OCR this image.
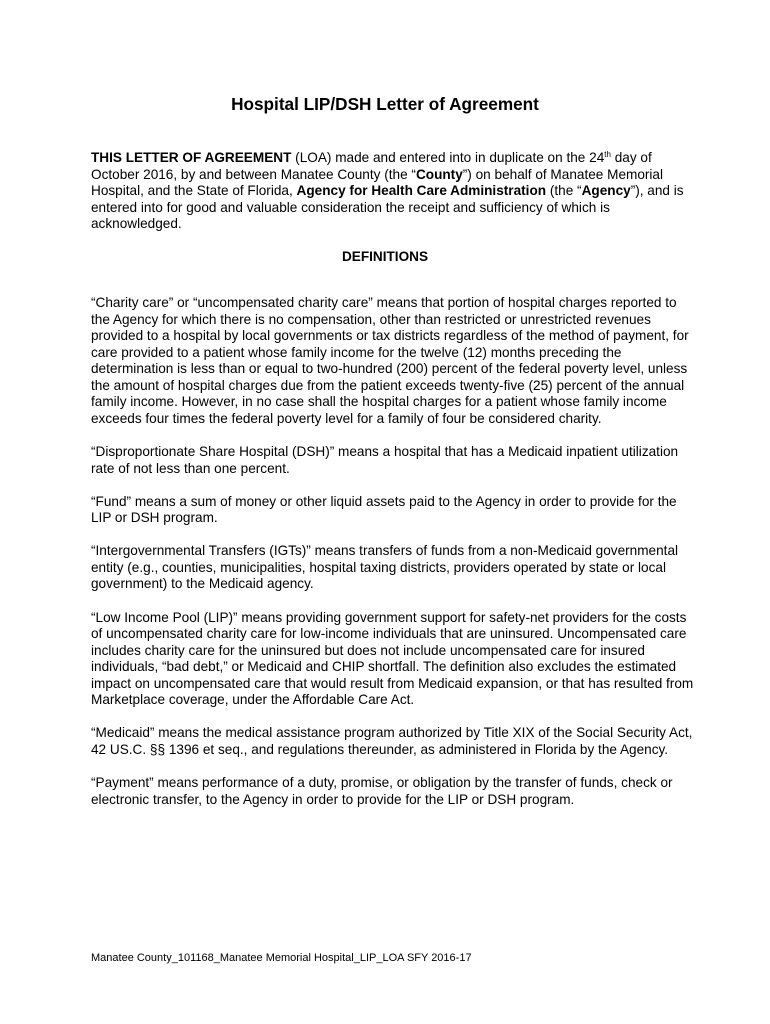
Hospital LIP/DSH Letter of Agreement

THIS LETTER OF AGREEMENT (LOA) made and entered into in duplicate on the 24th day of October 2016, by and between Manatee County (the “County”) on behalf of Manatee Memorial Hospital, and the State of Florida, Agency for Health Care Administration (the “Agency”), and is entered into for good and valuable consideration the receipt and sufficiency of which is acknowledged.

DEFINITIONS
“Charity care” or “uncompensated charity care” means that portion of hospital charges reported to the Agency for which there is no compensation, other than restricted or unrestricted revenues provided to a hospital by local governments or tax districts regardless of the method of payment, for care provided to a patient whose family income for the twelve (12) months preceding the determination is less than or equal to two-hundred (200) percent of the federal poverty level, unless the amount of hospital charges due from the patient exceeds twenty-five (25) percent of the annual family income. However, in no case shall the hospital charges for a patient whose family income exceeds four times the federal poverty level for a family of four be considered charity.
“Disproportionate Share Hospital (DSH)” means a hospital that has a Medicaid inpatient utilization rate of not less than one percent.
“Fund” means a sum of money or other liquid assets paid to the Agency in order to provide for the LIP or DSH program.
“Intergovernmental Transfers (IGTs)” means transfers of funds from a non-Medicaid governmental entity (e.g., counties, municipalities, hospital taxing districts, providers operated by state or local government) to the Medicaid agency.
“Low Income Pool (LIP)” means providing government support for safety-net providers for the costs of uncompensated charity care for low-income individuals that are uninsured. Uncompensated care includes charity care for the uninsured but does not include uncompensated care for insured individuals, “bad debt,” or Medicaid and CHIP shortfall. The definition also excludes the estimated impact on uncompensated care that would result from Medicaid expansion, or that has resulted from Marketplace coverage, under the Affordable Care Act.
“Medicaid” means the medical assistance program authorized by Title XIX of the Social Security Act, 42 US.C. §§ 1396 et seq., and regulations thereunder, as administered in Florida by the Agency.
“Payment” means performance of a duty, promise, or obligation by the transfer of funds, check or electronic transfer, to the Agency in order to provide for the LIP or DSH program.

Manatee County_101168_Manatee Memorial Hospital_LIP_LOA SFY 2016-17
